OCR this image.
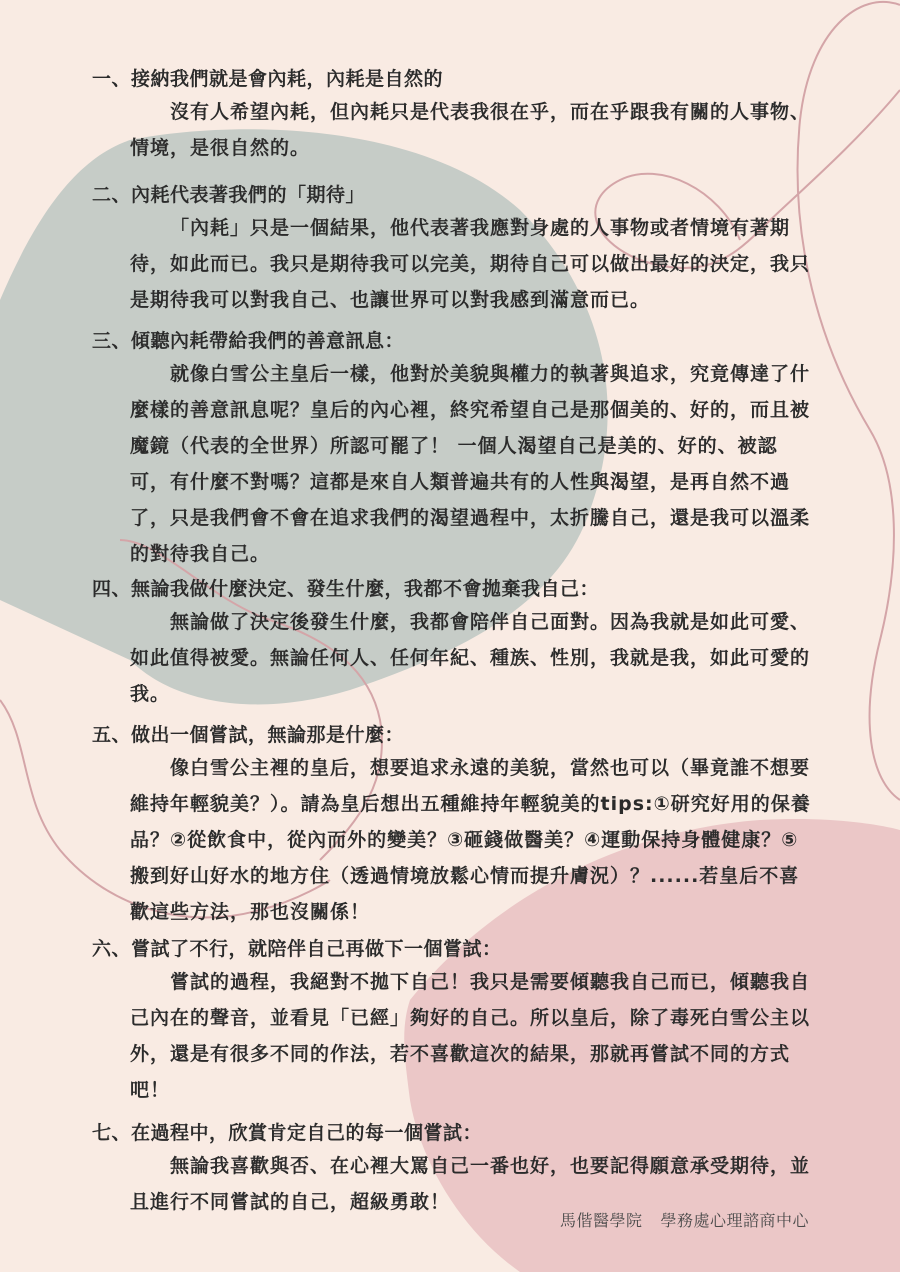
一、接納我們就是會內耗，內耗是自然的
沒有人希望內耗，但內耗只是代表我很在乎，而在乎跟我有關的人事物、情境，是很自然的。
二、內耗代表著我們的「期待」
「內耗」只是一個結果，他代表著我應對身處的人事物或者情境有著期待，如此而已。我只是期待我可以完美，期待自己可以做出最好的決定，我只是期待我可以對我自己、也讓世界可以對我感到滿意而已。
三、傾聽內耗帶給我們的善意訊息：
就像白雪公主皇后一樣，他對於美貌與權力的執著與追求，究竟傳達了什麼樣的善意訊息呢？皇后的內心裡，終究希望自己是那個美的、好的，而且被魔鏡（代表的全世界）所認可罷了！ 一個人渴望自己是美的、好的、被認可，有什麼不對嗎？這都是來自人類普遍共有的人性與渴望，是再自然不過了，只是我們會不會在追求我們的渴望過程中，太折騰自己，還是我可以溫柔的對待我自己。
四、無論我做什麼決定、發生什麼，我都不會拋棄我自己：
無論做了決定後發生什麼，我都會陪伴自己面對。因為我就是如此可愛、如此值得被愛。無論任何人、任何年紀、種族、性別，我就是我，如此可愛的我。
五、做出一個嘗試，無論那是什麼：
像白雪公主裡的皇后，想要追求永遠的美貌，當然也可以（畢竟誰不想要維持年輕貌美？）。請為皇后想出五種維持年輕貌美的tips:①研究好用的保養品？②從飲食中，從內而外的變美？③砸錢做醫美？④運動保持身體健康？⑤搬到好山好水的地方住（透過情境放鬆心情而提升膚況）？......若皇后不喜歡這些方法，那也沒關係！
六、嘗試了不行，就陪伴自己再做下一個嘗試：
嘗試的過程，我絕對不拋下自己！我只是需要傾聽我自己而已，傾聽我自己內在的聲音，並看見「已經」夠好的自己。所以皇后，除了毒死白雪公主以外，還是有很多不同的作法，若不喜歡這次的結果，那就再嘗試不同的方式吧！
七、在過程中，欣賞肯定自己的每一個嘗試：
無論我喜歡與否、在心裡大罵自己一番也好，也要記得願意承受期待，並且進行不同嘗試的自己，超級勇敢！
馬偕醫學院 學務處心理諮商中心
